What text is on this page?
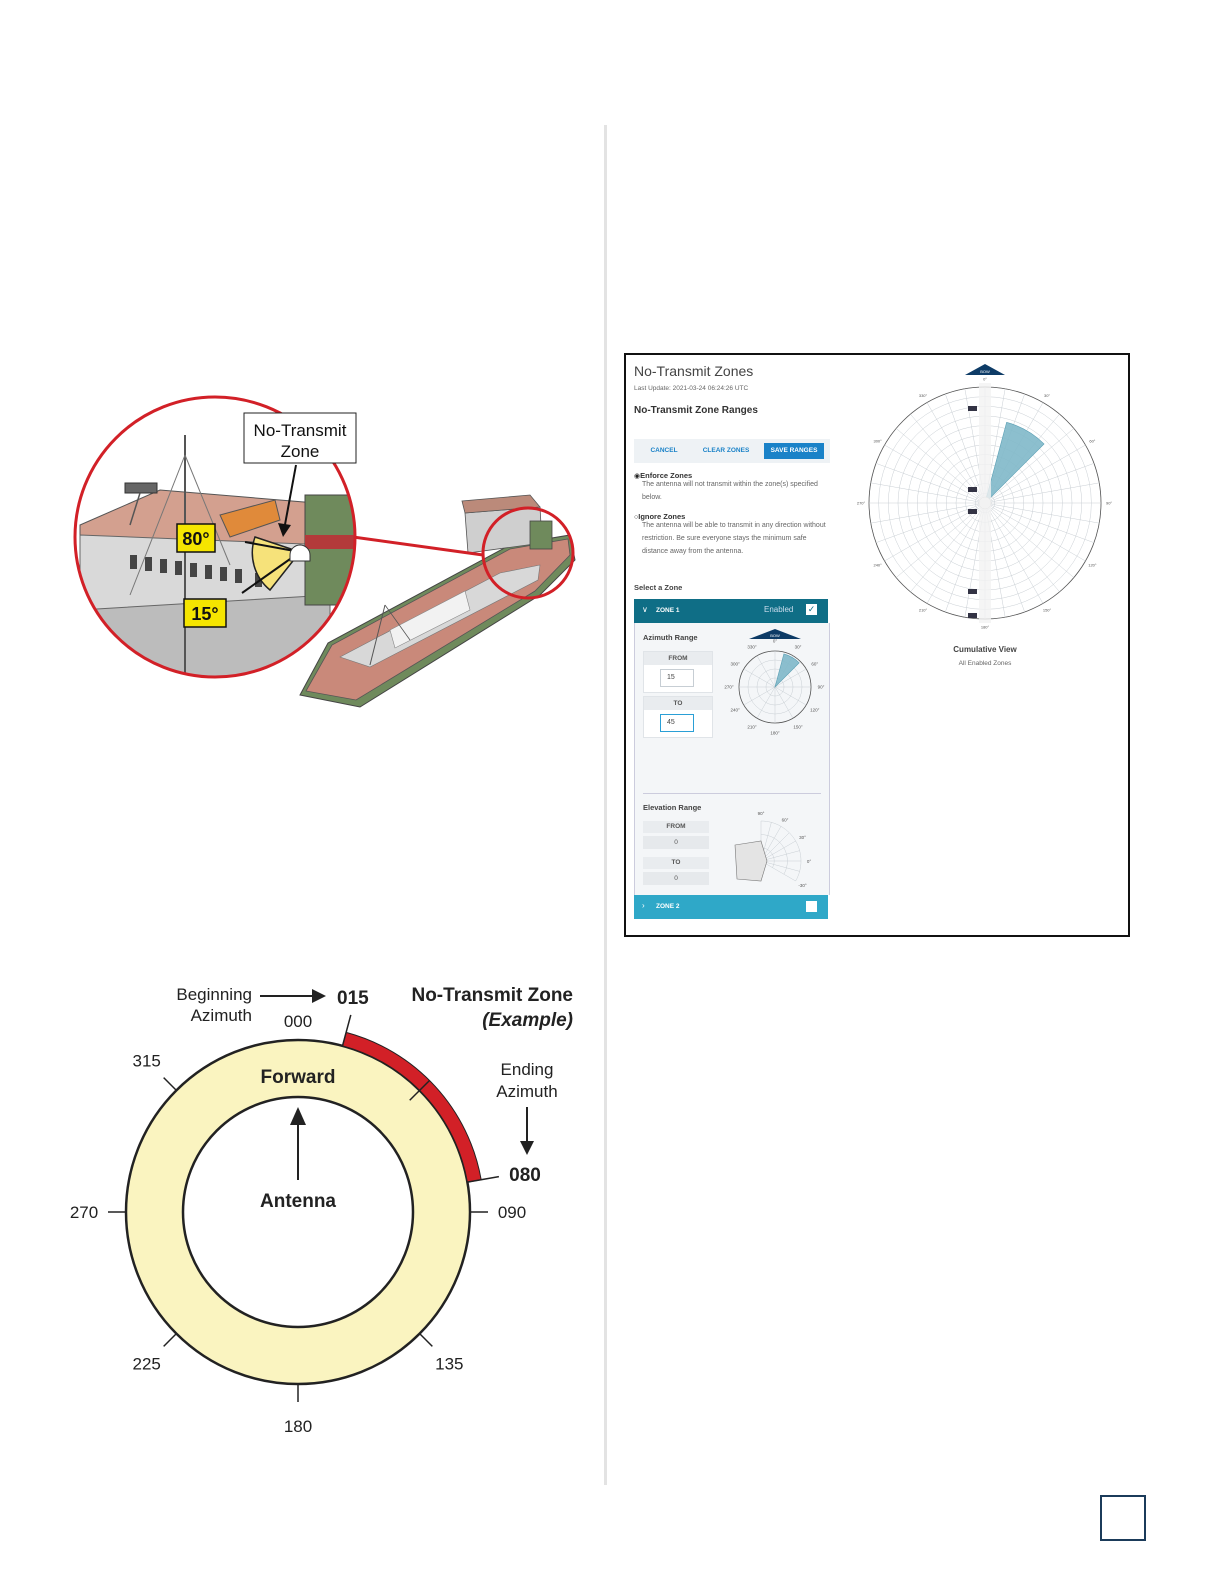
No-Transmit
Zone
80°
15°
090
135
180
225
270
315
000
Forward
Antenna
Beginning
Azimuth
015 No-Transmit Zone
(Example)
Ending
Azimuth
080
No-Transmit Zones
Last Update: 2021-03-24 06:24:26 UTC
No-Transmit Zone Ranges
CANCEL	CLEAR ZONES	SAVE RANGES
◉Enforce Zones
The antenna will not transmit within the zone(s) specified below.
○Ignore Zones
The antenna will be able to transmit in any direction without restriction. Be sure everyone stays the minimum safe distance away from the antenna.
Select a Zone
∨ ZONE 1	Enabled ✓
Azimuth Range
FROM
15
TO
45
BOW
0°
30°
60°
90°
120°
150°
180°
210°
240°
270°
300°
330°
Elevation Range
FROM
0
TO
0
90°
60°
30°
0°
-30°
› ZONE 2
BOW
0°
30°
60°
90°
120°
150°
180°
210°
240°
270°
300°
330°
Cumulative View
All Enabled Zones
